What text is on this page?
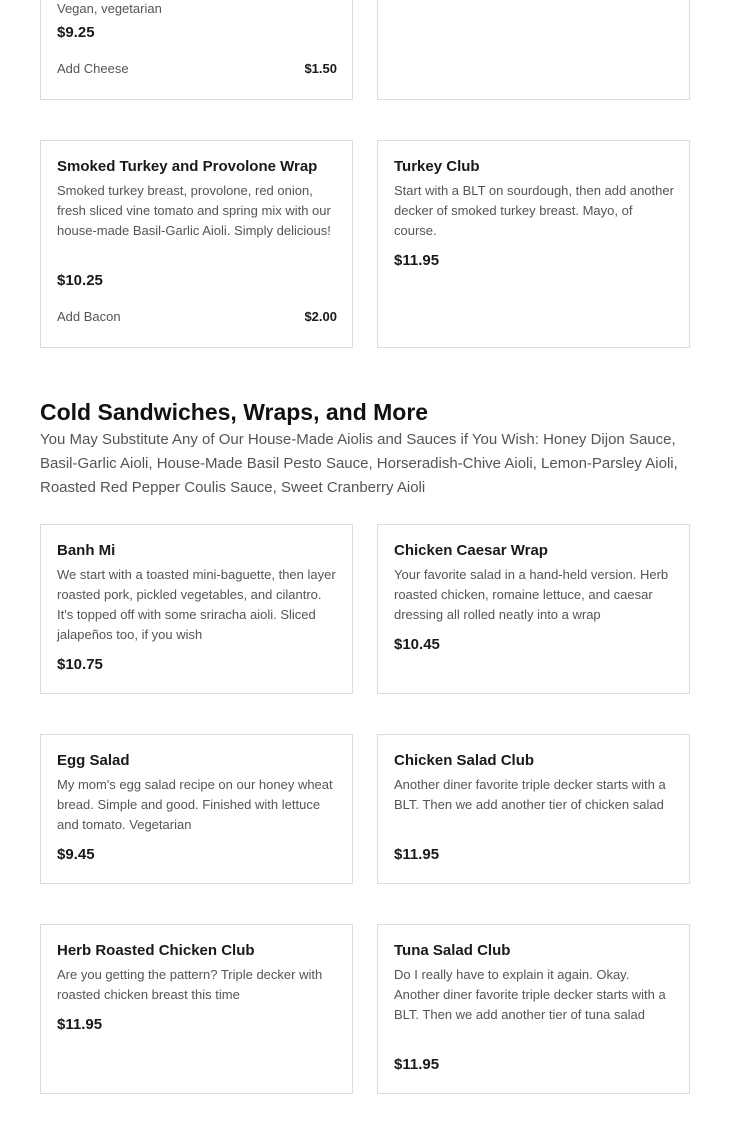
Vegan, vegetarian
$9.25
Add Cheese	$1.50
Smoked Turkey and Provolone Wrap
Smoked turkey breast, provolone, red onion, fresh sliced vine tomato and spring mix with our house-made Basil-Garlic Aioli. Simply delicious!
$10.25
Add Bacon	$2.00
Turkey Club
Start with a BLT on sourdough, then add another decker of smoked turkey breast. Mayo, of course.
$11.95
Cold Sandwiches, Wraps, and More
You May Substitute Any of Our House-Made Aiolis and Sauces if You Wish: Honey Dijon Sauce, Basil-Garlic Aioli, House-Made Basil Pesto Sauce, Horseradish-Chive Aioli, Lemon-Parsley Aioli, Roasted Red Pepper Coulis Sauce, Sweet Cranberry Aioli
Banh Mi
We start with a toasted mini-baguette, then layer roasted pork, pickled vegetables, and cilantro. It's topped off with some sriracha aioli. Sliced jalapeños too, if you wish
$10.75
Chicken Caesar Wrap
Your favorite salad in a hand-held version. Herb roasted chicken, romaine lettuce, and caesar dressing all rolled neatly into a wrap
$10.45
Egg Salad
My mom's egg salad recipe on our honey wheat bread. Simple and good. Finished with lettuce and tomato. Vegetarian
$9.45
Chicken Salad Club
Another diner favorite triple decker starts with a BLT. Then we add another tier of chicken salad
$11.95
Herb Roasted Chicken Club
Are you getting the pattern? Triple decker with roasted chicken breast this time
$11.95
Tuna Salad Club
Do I really have to explain it again. Okay. Another diner favorite triple decker starts with a BLT. Then we add another tier of tuna salad
$11.95
